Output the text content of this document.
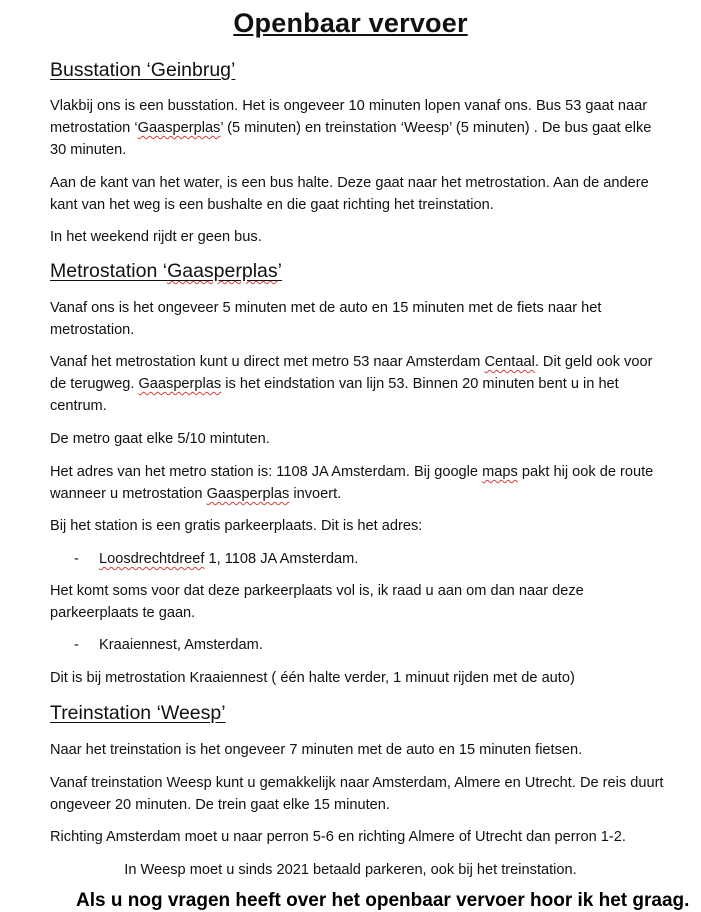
Openbaar vervoer
Busstation ‘Geinbrug’

Vlakbij ons is een busstation. Het is ongeveer 10 minuten lopen vanaf ons. Bus 53 gaat naar metrostation ‘Gaasperplas’ (5 minuten) en treinstation ‘Weesp’ (5 minuten) . De bus gaat elke 30 minuten.

Aan de kant van het water, is een bus halte. Deze gaat naar het metrostation. Aan de andere kant van het weg is een bushalte en die gaat richting het treinstation.

In het weekend rijdt er geen bus.

Metrostation ‘Gaasperplas’

Vanaf ons is het ongeveer 5 minuten met de auto en 15 minuten met de fiets naar het metrostation.

Vanaf het metrostation kunt u direct met metro 53 naar Amsterdam Centaal. Dit geld ook voor de terugweg. Gaasperplas is het eindstation van lijn 53. Binnen 20 minuten bent u in het centrum.

De metro gaat elke 5/10 mintuten.

Het adres van het metro station is: 1108 JA Amsterdam. Bij google maps pakt hij ook de route wanneer u metrostation Gaasperplas invoert.

Bij het station is een gratis parkeerplaats. Dit is het adres:

- Loosdrechtdreef 1, 1108 JA Amsterdam.

Het komt soms voor dat deze parkeerplaats vol is, ik raad u aan om dan naar deze parkeerplaats te gaan.

- Kraaiennest, Amsterdam.

Dit is bij metrostation Kraaiennest ( één halte verder, 1 minuut rijden met de auto)

Treinstation ‘Weesp’

Naar het treinstation is het ongeveer 7 minuten met de auto en 15 minuten fietsen.

Vanaf treinstation Weesp kunt u gemakkelijk naar Amsterdam, Almere en Utrecht. De reis duurt ongeveer 20 minuten. De trein gaat elke 15 minuten.

Richting Amsterdam moet u naar perron 5-6 en richting Almere of Utrecht dan perron 1-2.

In Weesp moet u sinds 2021 betaald parkeren, ook bij het treinstation.

Als u nog vragen heeft over het openbaar vervoer hoor ik het graag.
